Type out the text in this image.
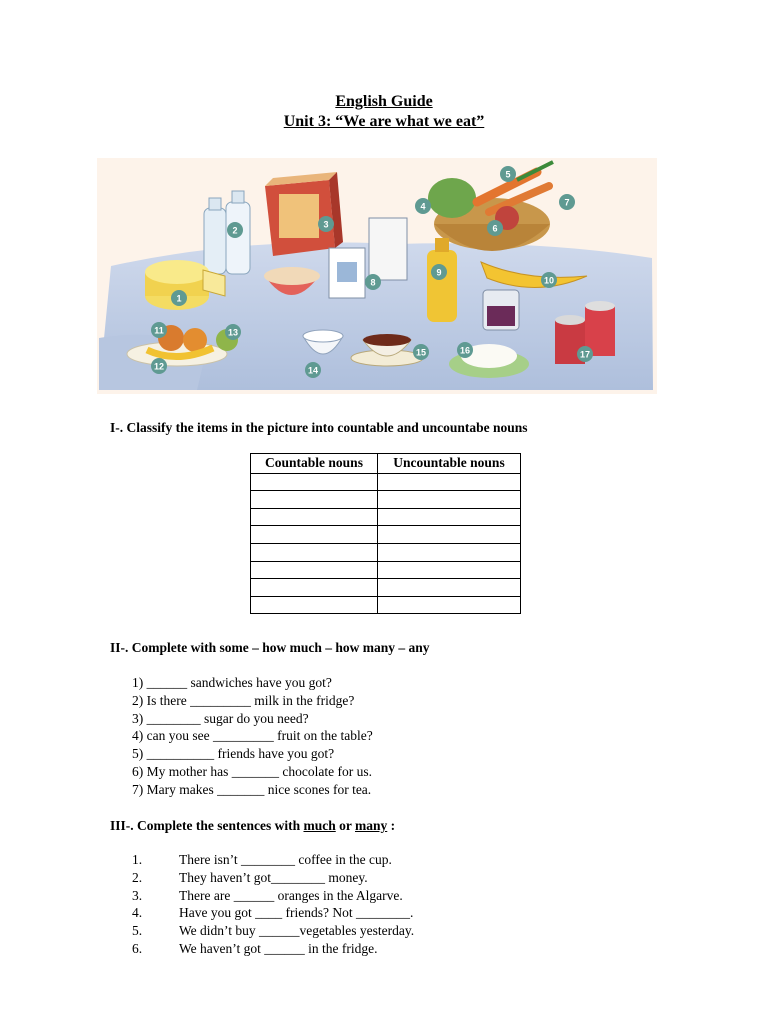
English Guide
Unit 3: “We are what we eat”
1
2
3
4
5
6
7
8
9
10
11
12
13
14
15	16	17
I-. Classify the items in the picture into countable and uncountabe nouns
Countable nouns	Uncountable nouns

II-. Complete with some – how much – how many – any
1) ______ sandwiches have you got?
2) Is there _________ milk in the fridge?
3) ________ sugar do you need?
4) can you see _________ fruit on the table?
5) __________ friends have you got?
6) My mother has _______ chocolate for us.
7) Mary makes _______ nice scones for tea.
III-. Complete the sentences with much or many :
1.	There isn’t ________ coffee in the cup.
2.	They haven’t got________ money.
3.	There are ______ oranges in the Algarve.
4.	Have you got ____ friends? Not ________.
5.	We didn’t buy ______vegetables yesterday.
6.	We haven’t got ______ in the fridge.
